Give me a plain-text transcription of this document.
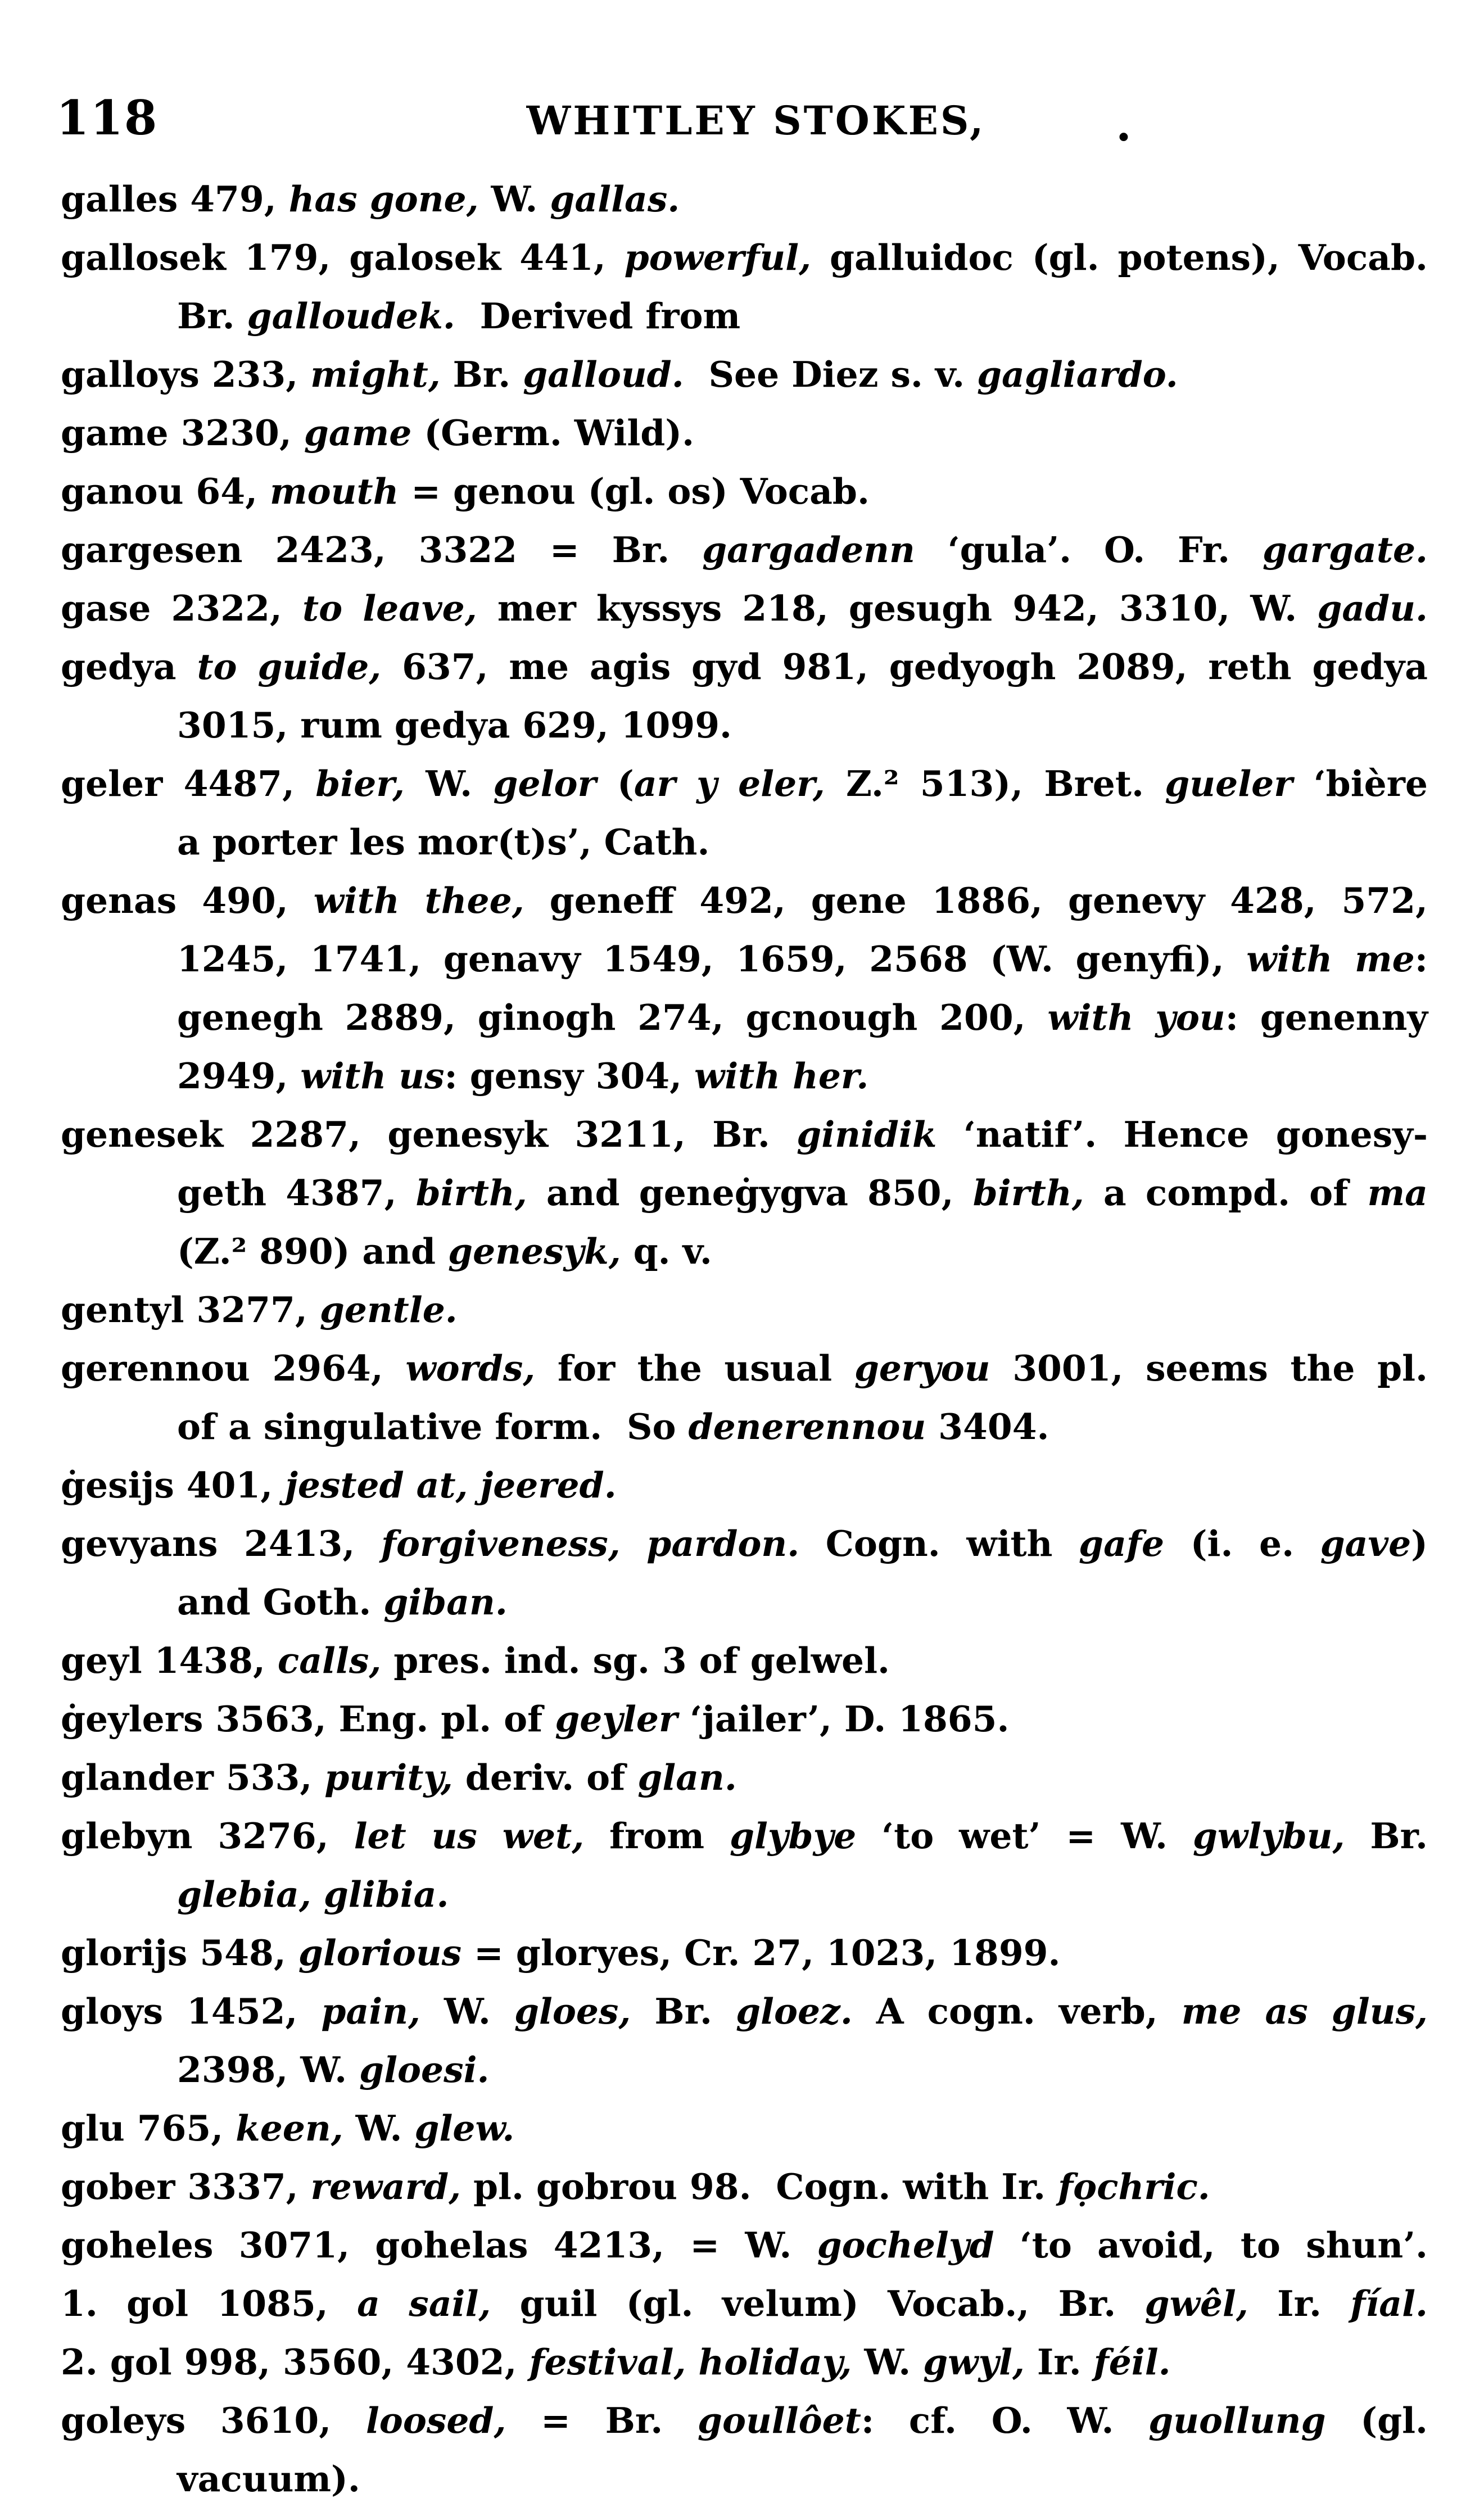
118	WHITLEY STOKES,	.
galles 479, has gone, W. gallas.
gallosek 179, galosek 441, powerful, galluidoc (gl. potens), Vocab.
Br. galloudek.  Derived from
galloys 233, might, Br. galloud.  See Diez s. v. gagliardo.
game 3230, game (Germ. Wild).
ganou 64, mouth = genou (gl. os) Vocab.
gargesen 2423, 3322 = Br. gargadenn ‘gula’. O. Fr. gargate.
gase 2322, to leave, mer kyssys 218, gesugh 942, 3310, W. gadu.
gedya to guide, 637, me agis gyd 981, gedyogh 2089, reth gedya
3015, rum gedya 629, 1099.
geler 4487, bier, W. gelor (ar y eler, Z.² 513), Bret. gueler ‘bière
a porter les mor(t)s’, Cath.
genas 490, with thee, geneff 492, gene 1886, genevy 428, 572,
1245, 1741, genavy 1549, 1659, 2568 (W. genyfi), with me:
genegh 2889, ginogh 274, gcnough 200, with you: genenny
2949, with us: gensy 304, with her.
genesek 2287, genesyk 3211, Br. ginidik ‘natif’. Hence gonesy-
geth 4387, birth, and geneġygva 850, birth, a compd. of ma
(Z.² 890) and genesyk, q. v.
gentyl 3277, gentle.
gerennou 2964, words, for the usual geryou 3001, seems the pl.
of a singulative form.  So denerennou 3404.
ġesijs 401, jested at, jeered.
gevyans 2413, forgiveness, pardon. Cogn. with gafe (i. e. gave)
and Goth. giban.
geyl 1438, calls, pres. ind. sg. 3 of gelwel.
ġeylers 3563, Eng. pl. of geyler ‘jailer’, D. 1865.
glander 533, purity, deriv. of glan.
glebyn 3276, let us wet, from glybye ‘to wet’ = W. gwlybu, Br.
glebia, glibia.
glorijs 548, glorious = gloryes, Cr. 27, 1023, 1899.
gloys 1452, pain, W. gloes, Br. gloez. A cogn. verb, me as glus,
2398, W. gloesi.
glu 765, keen, W. glew.
gober 3337, reward, pl. gobrou 98.  Cogn. with Ir. fọchric.
goheles 3071, gohelas 4213, = W. gochelyd ‘to avoid, to shun’.
1. gol 1085, a sail, guil (gl. velum) Vocab., Br. gwêl, Ir. fíal.
2. gol 998, 3560, 4302, festival, holiday, W. gwyl, Ir. féil.
goleys 3610, loosed, = Br. goullôet: cf. O. W. guollung (gl.
vacuum).
